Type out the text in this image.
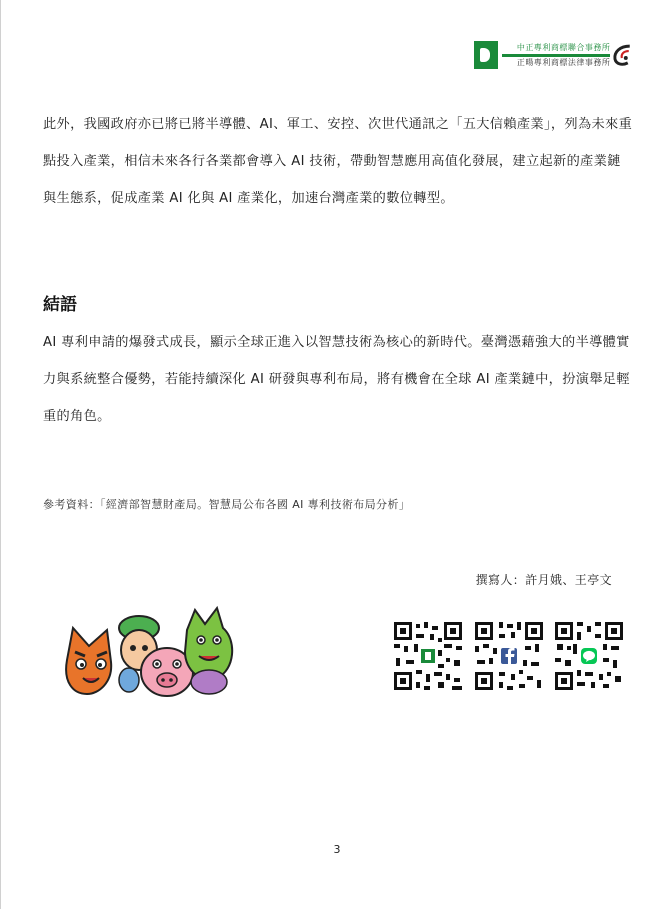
中正專利商標聯合事務所
正暘專利商標法律事務所

此外，我國政府亦已將已將半導體、AI、軍工、安控、次世代通訊之「五大信賴產業」，列為未來重點投入產業，相信未來各行各業都會導入 AI 技術，帶動智慧應用高值化發展，建立起新的產業鏈與生態系，促成產業 AI 化與 AI 產業化，加速台灣產業的數位轉型。

結語

AI 專利申請的爆發式成長，顯示全球正進入以智慧技術為核心的新時代。臺灣憑藉強大的半導體實力與系統整合優勢，若能持續深化 AI 研發與專利布局，將有機會在全球 AI 產業鏈中，扮演舉足輕重的角色。

參考資料：「經濟部智慧財產局。智慧局公布各國 AI 專利技術布局分析」
撰寫人：許月娥、王亭文
3
